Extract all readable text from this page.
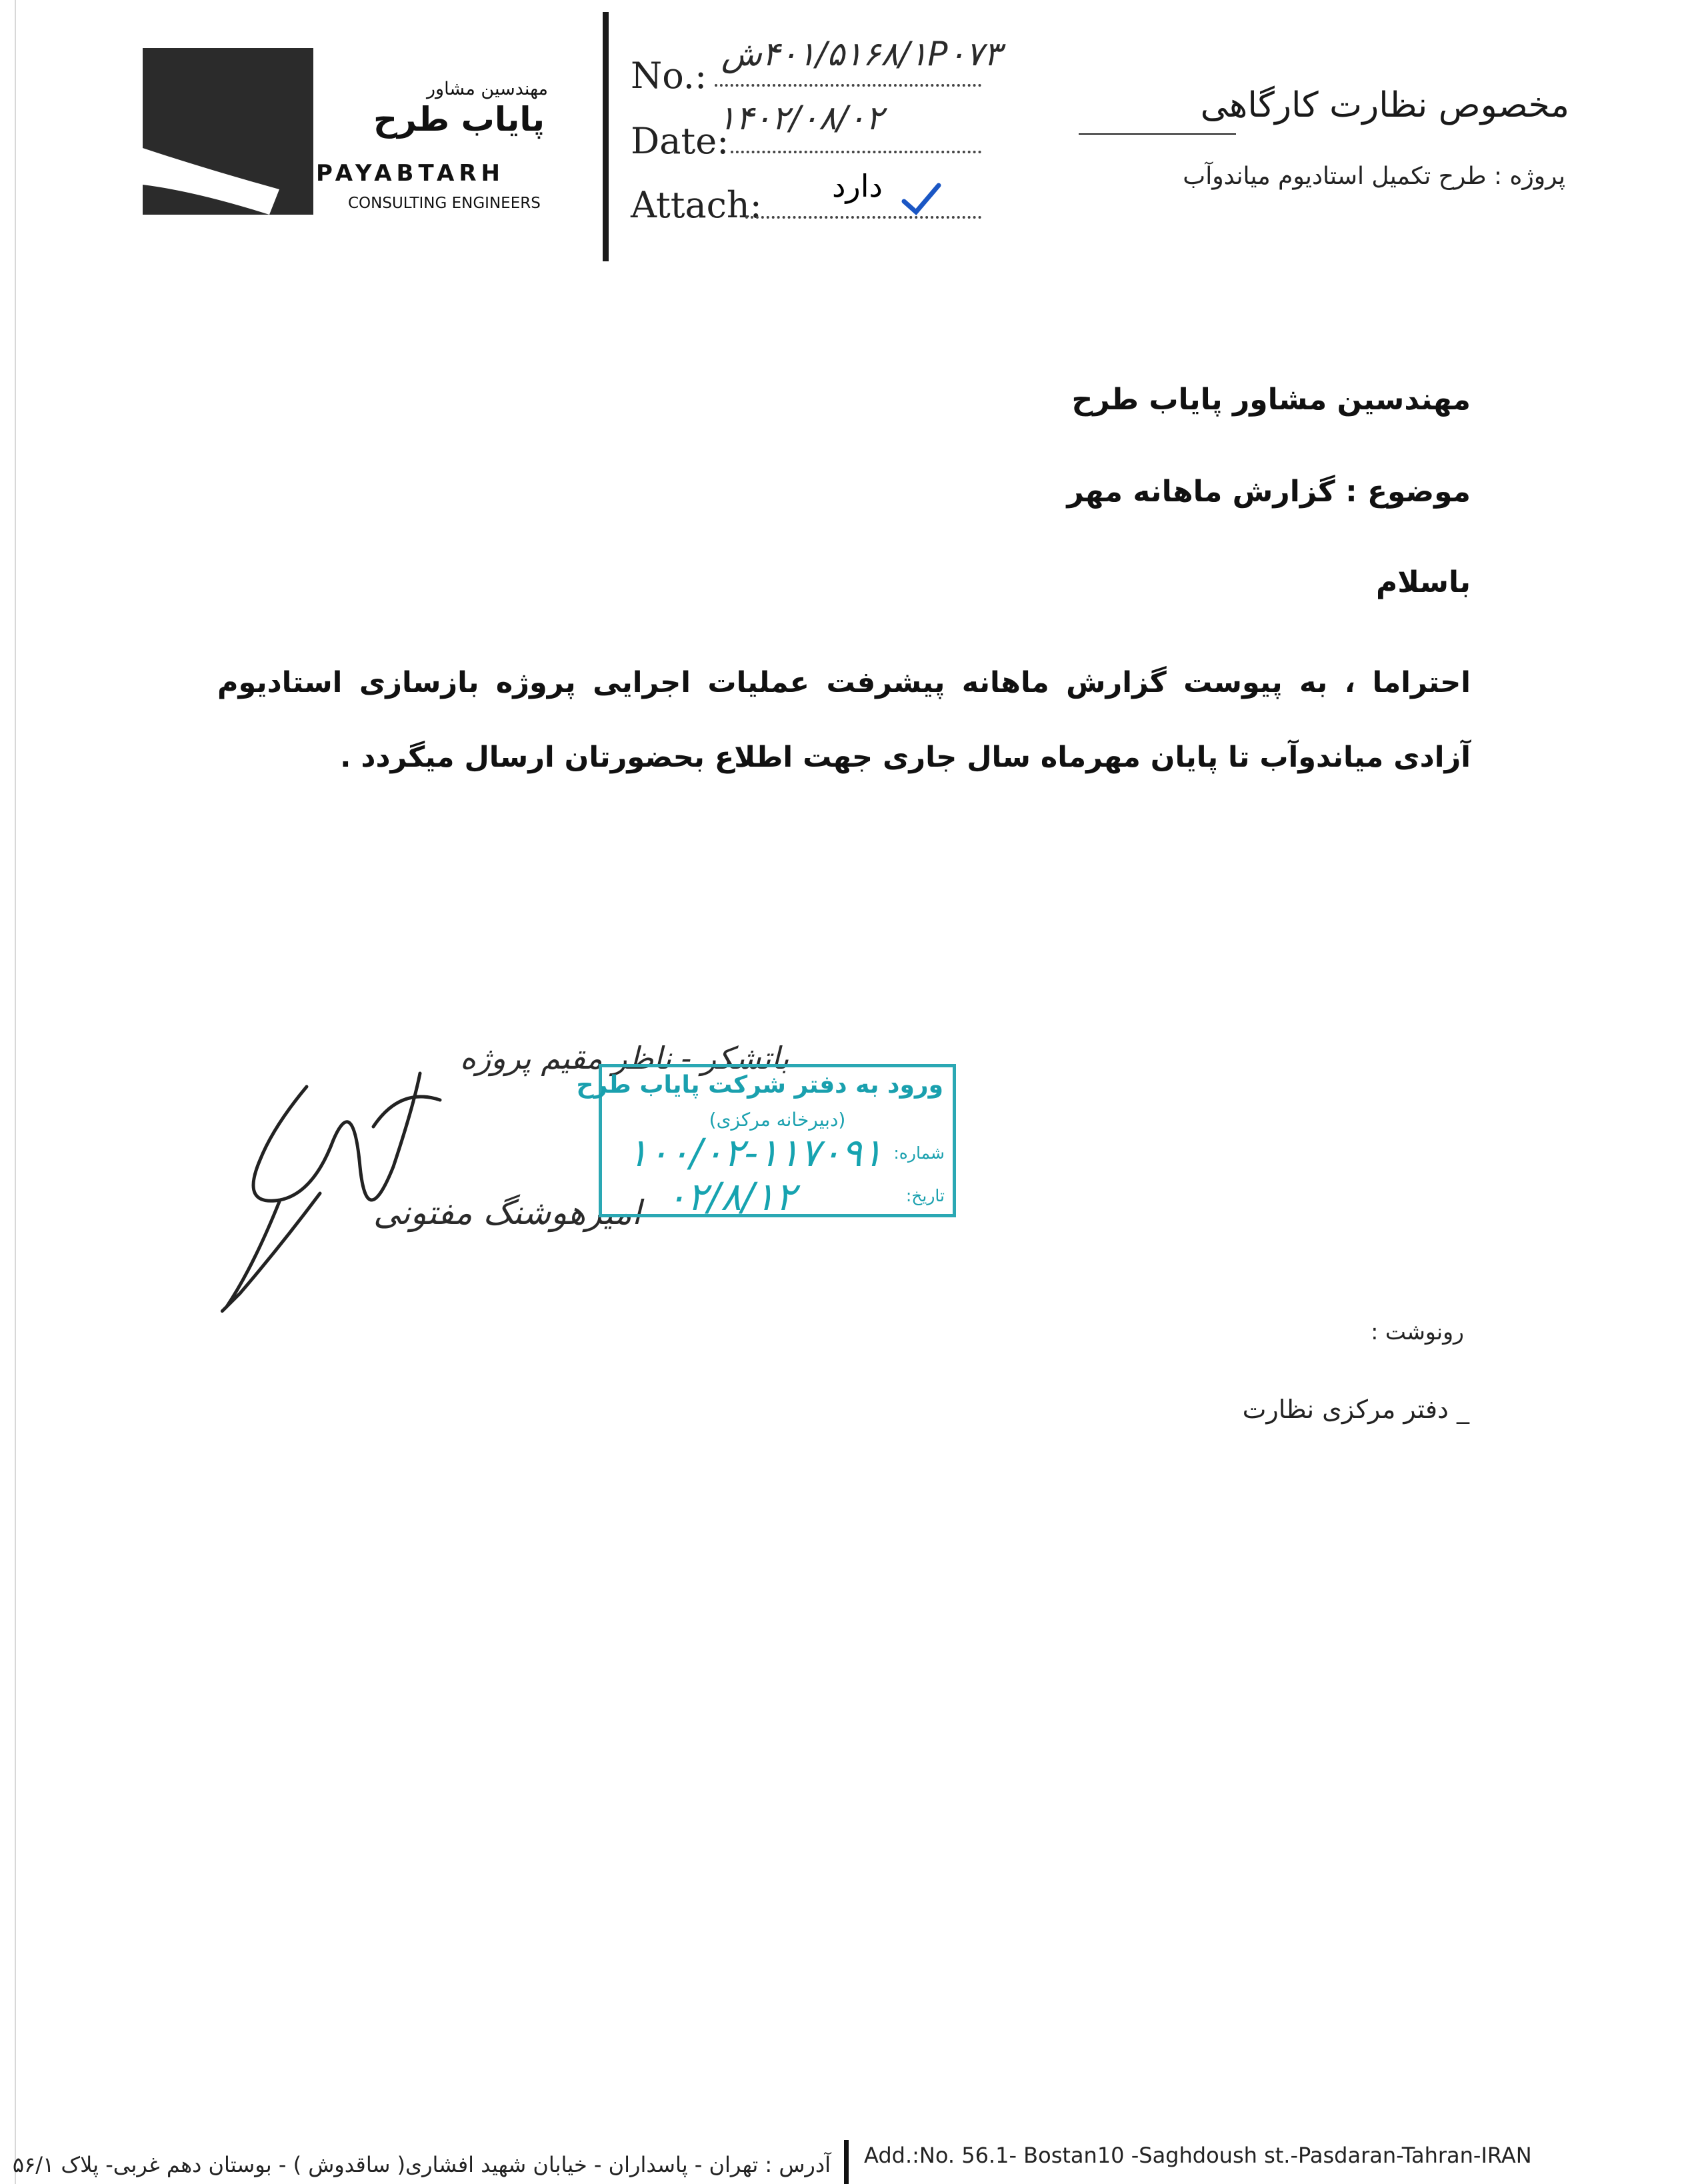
مهندسین مشاور
پایاب طرح
PAYABTARH
CONSULTING ENGINEERS
No.:
۴۰۱/۵۱۶۸/۱P۰۷۳ش
Date:
۱۴۰۲/۰۸/۰۲
Attach: دارد
مخصوص نظارت کارگاهی
پروژه : طرح تکمیل استادیوم میاندوآب
مهندسین مشاور پایاب طرح
موضوع : گزارش ماهانه مهر
باسلام
احتراما ، به پیوست گزارش ماهانه پیشرفت عملیات اجرایی پروژه بازسازی استادیوم آزادی میاندوآب تا پایان مهرماه سال جاری جهت اطلاع بحضورتان ارسال میگردد .
باتشکر - ناظر مقیم پروژه
امیرهوشنگ مفتونی
ورود به دفتر شرکت پایاب طرح
(دبیرخانه مرکزی)
شماره:
تاریخ:
۱۰۰/۰۲-۱۱۷۰۹۱
۰۲/۸/۱۲
رونوشت :
_ دفتر مرکزی نظارت
آدرس : تهران - پاسداران - خیابان شهید افشاری( ساقدوش ) - بوستان دهم غربی- پلاک ۵۶/۱ Add.:No. 56.1- Bostan10 -Saghdoush st.-Pasdaran-Tahran-IRAN
